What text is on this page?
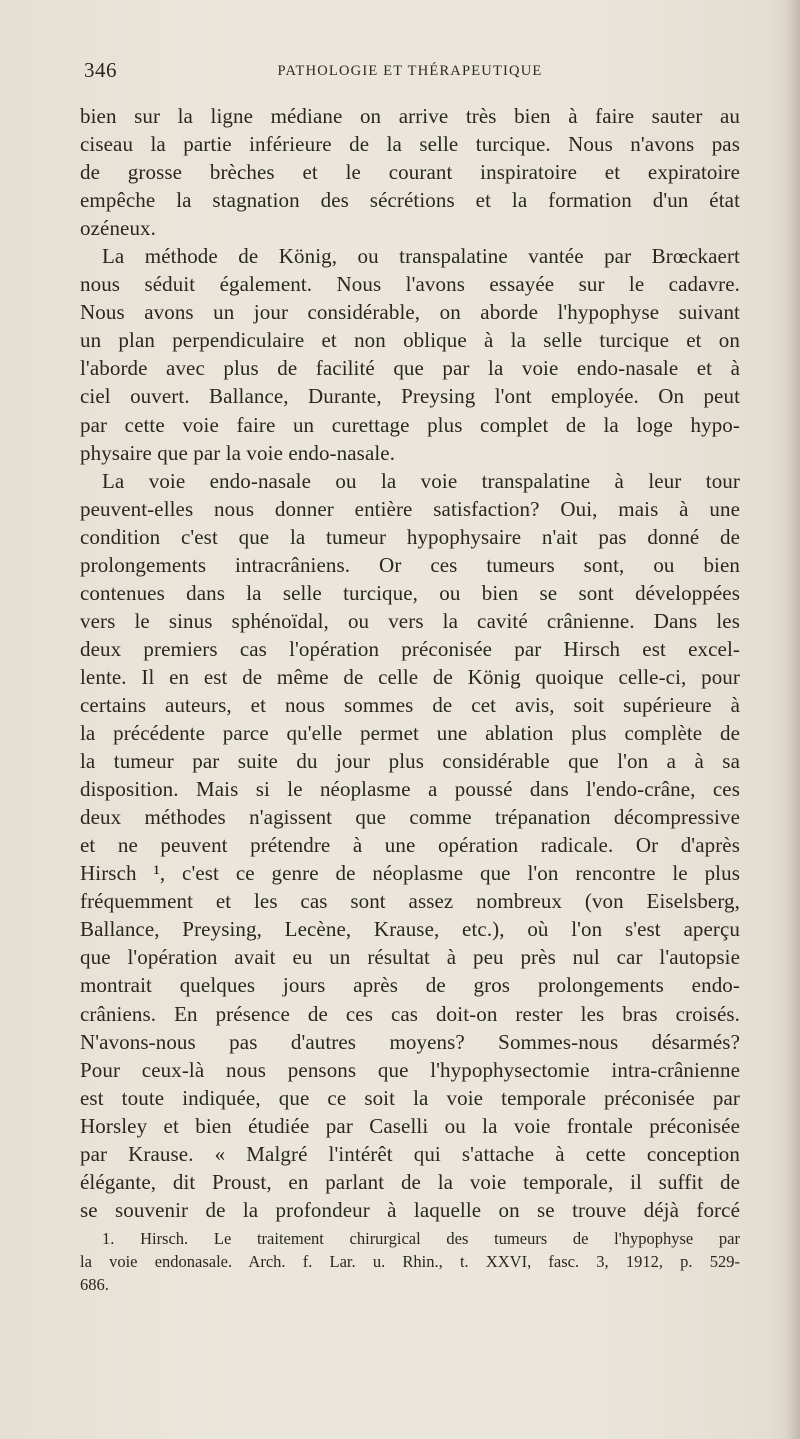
346	PATHOLOGIE ET THÉRAPEUTIQUE
bien sur la ligne médiane on arrive très bien à faire sauter au
ciseau la partie inférieure de la selle turcique. Nous n'avons pas
de grosse brèches et le courant inspiratoire et expiratoire
empêche la stagnation des sécrétions et la formation d'un état
ozéneux.
La méthode de König, ou transpalatine vantée par Brœckaert
nous séduit également. Nous l'avons essayée sur le cadavre.
Nous avons un jour considérable, on aborde l'hypophyse suivant
un plan perpendiculaire et non oblique à la selle turcique et on
l'aborde avec plus de facilité que par la voie endo-nasale et à
ciel ouvert. Ballance, Durante, Preysing l'ont employée. On peut
par cette voie faire un curettage plus complet de la loge hypo-
physaire que par la voie endo-nasale.
La voie endo-nasale ou la voie transpalatine à leur tour
peuvent-elles nous donner entière satisfaction? Oui, mais à une
condition c'est que la tumeur hypophysaire n'ait pas donné de
prolongements intracrâniens. Or ces tumeurs sont, ou bien
contenues dans la selle turcique, ou bien se sont développées
vers le sinus sphénoïdal, ou vers la cavité crânienne. Dans les
deux premiers cas l'opération préconisée par Hirsch est excel-
lente. Il en est de même de celle de König quoique celle-ci, pour
certains auteurs, et nous sommes de cet avis, soit supérieure à
la précédente parce qu'elle permet une ablation plus complète de
la tumeur par suite du jour plus considérable que l'on a à sa
disposition. Mais si le néoplasme a poussé dans l'endo-crâne, ces
deux méthodes n'agissent que comme trépanation décompressive
et ne peuvent prétendre à une opération radicale. Or d'après
Hirsch ¹, c'est ce genre de néoplasme que l'on rencontre le plus
fréquemment et les cas sont assez nombreux (von Eiselsberg,
Ballance, Preysing, Lecène, Krause, etc.), où l'on s'est aperçu
que l'opération avait eu un résultat à peu près nul car l'autopsie
montrait quelques jours après de gros prolongements endo-
crâniens. En présence de ces cas doit-on rester les bras croisés.
N'avons-nous pas d'autres moyens? Sommes-nous désarmés?
Pour ceux-là nous pensons que l'hypophysectomie intra-crânienne
est toute indiquée, que ce soit la voie temporale préconisée par
Horsley et bien étudiée par Caselli ou la voie frontale préconisée
par Krause. « Malgré l'intérêt qui s'attache à cette conception
élégante, dit Proust, en parlant de la voie temporale, il suffit de
se souvenir de la profondeur à laquelle on se trouve déjà forcé
1. Hirsch. Le traitement chirurgical des tumeurs de l'hypophyse par
la voie endonasale. Arch. f. Lar. u. Rhin., t. XXVI, fasc. 3, 1912, p. 529-
686.
